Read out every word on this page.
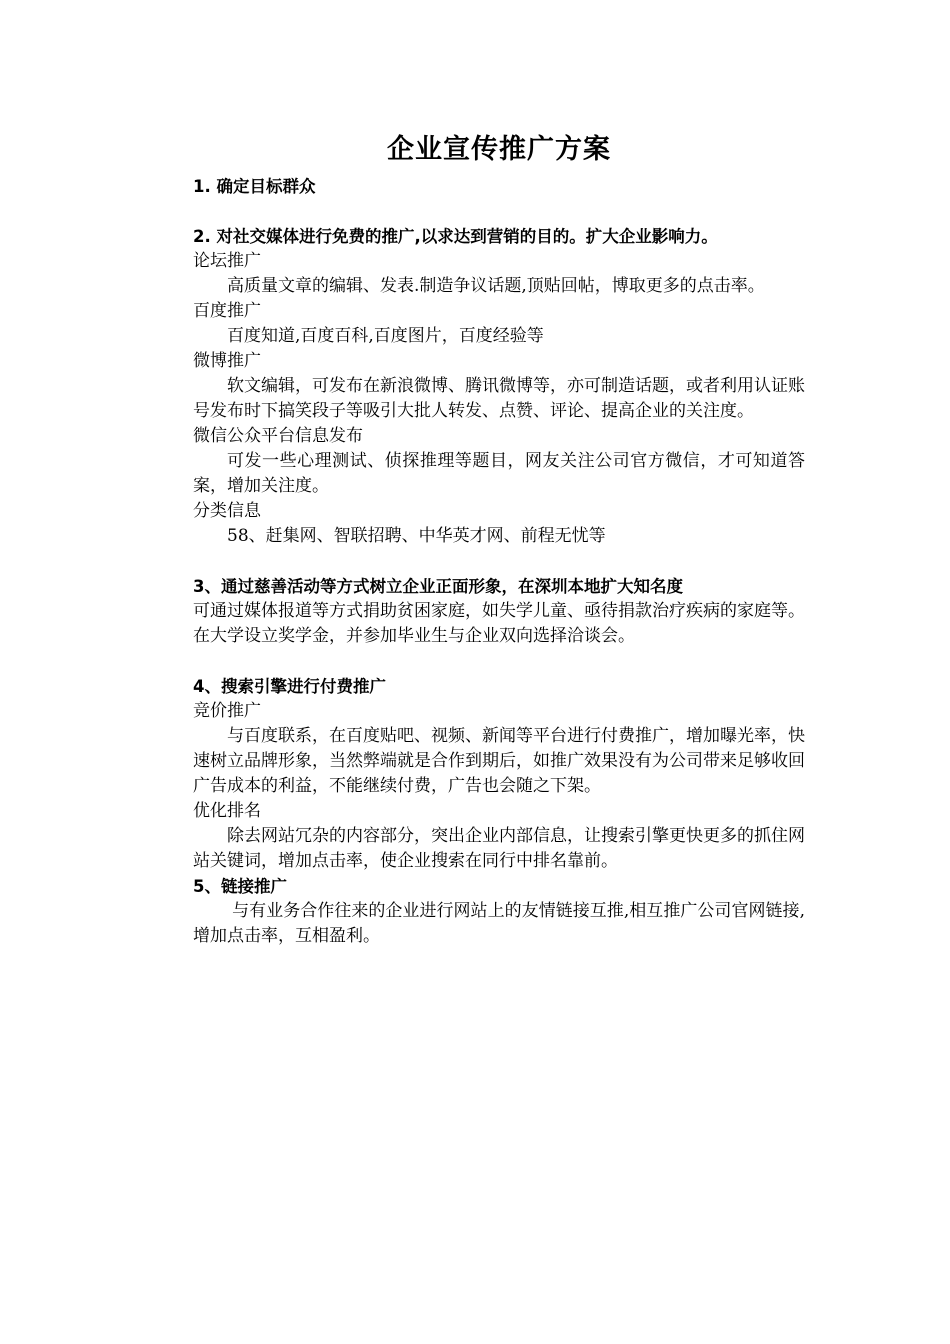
企业宣传推广方案

1. 确定目标群众

2. 对社交媒体进行免费的推广,以求达到营销的目的。扩大企业影响力。

论坛推广

高质量文章的编辑、发表.制造争议话题,顶贴回帖，博取更多的点击率。

百度推广

百度知道,百度百科,百度图片，百度经验等

微博推广

软文编辑，可发布在新浪微博、腾讯微博等，亦可制造话题，或者利用认证账号发布时下搞笑段子等吸引大批人转发、点赞、评论、提高企业的关注度。

微信公众平台信息发布

可发一些心理测试、侦探推理等题目，网友关注公司官方微信，才可知道答案，增加关注度。

分类信息

58、赶集网、智联招聘、中华英才网、前程无忧等

3、通过慈善活动等方式树立企业正面形象，在深圳本地扩大知名度

可通过媒体报道等方式捐助贫困家庭，如失学儿童、亟待捐款治疗疾病的家庭等。

在大学设立奖学金，并参加毕业生与企业双向选择洽谈会。

4、搜索引擎进行付费推广

竞价推广

与百度联系，在百度贴吧、视频、新闻等平台进行付费推广，增加曝光率，快速树立品牌形象，当然弊端就是合作到期后，如推广效果没有为公司带来足够收回广告成本的利益，不能继续付费，广告也会随之下架。

优化排名

除去网站冗杂的内容部分，突出企业内部信息，让搜索引擎更快更多的抓住网站关键词，增加点击率，使企业搜索在同行中排名靠前。

5、链接推广

与有业务合作往来的企业进行网站上的友情链接互推,相互推广公司官网链接,增加点击率，互相盈利。
